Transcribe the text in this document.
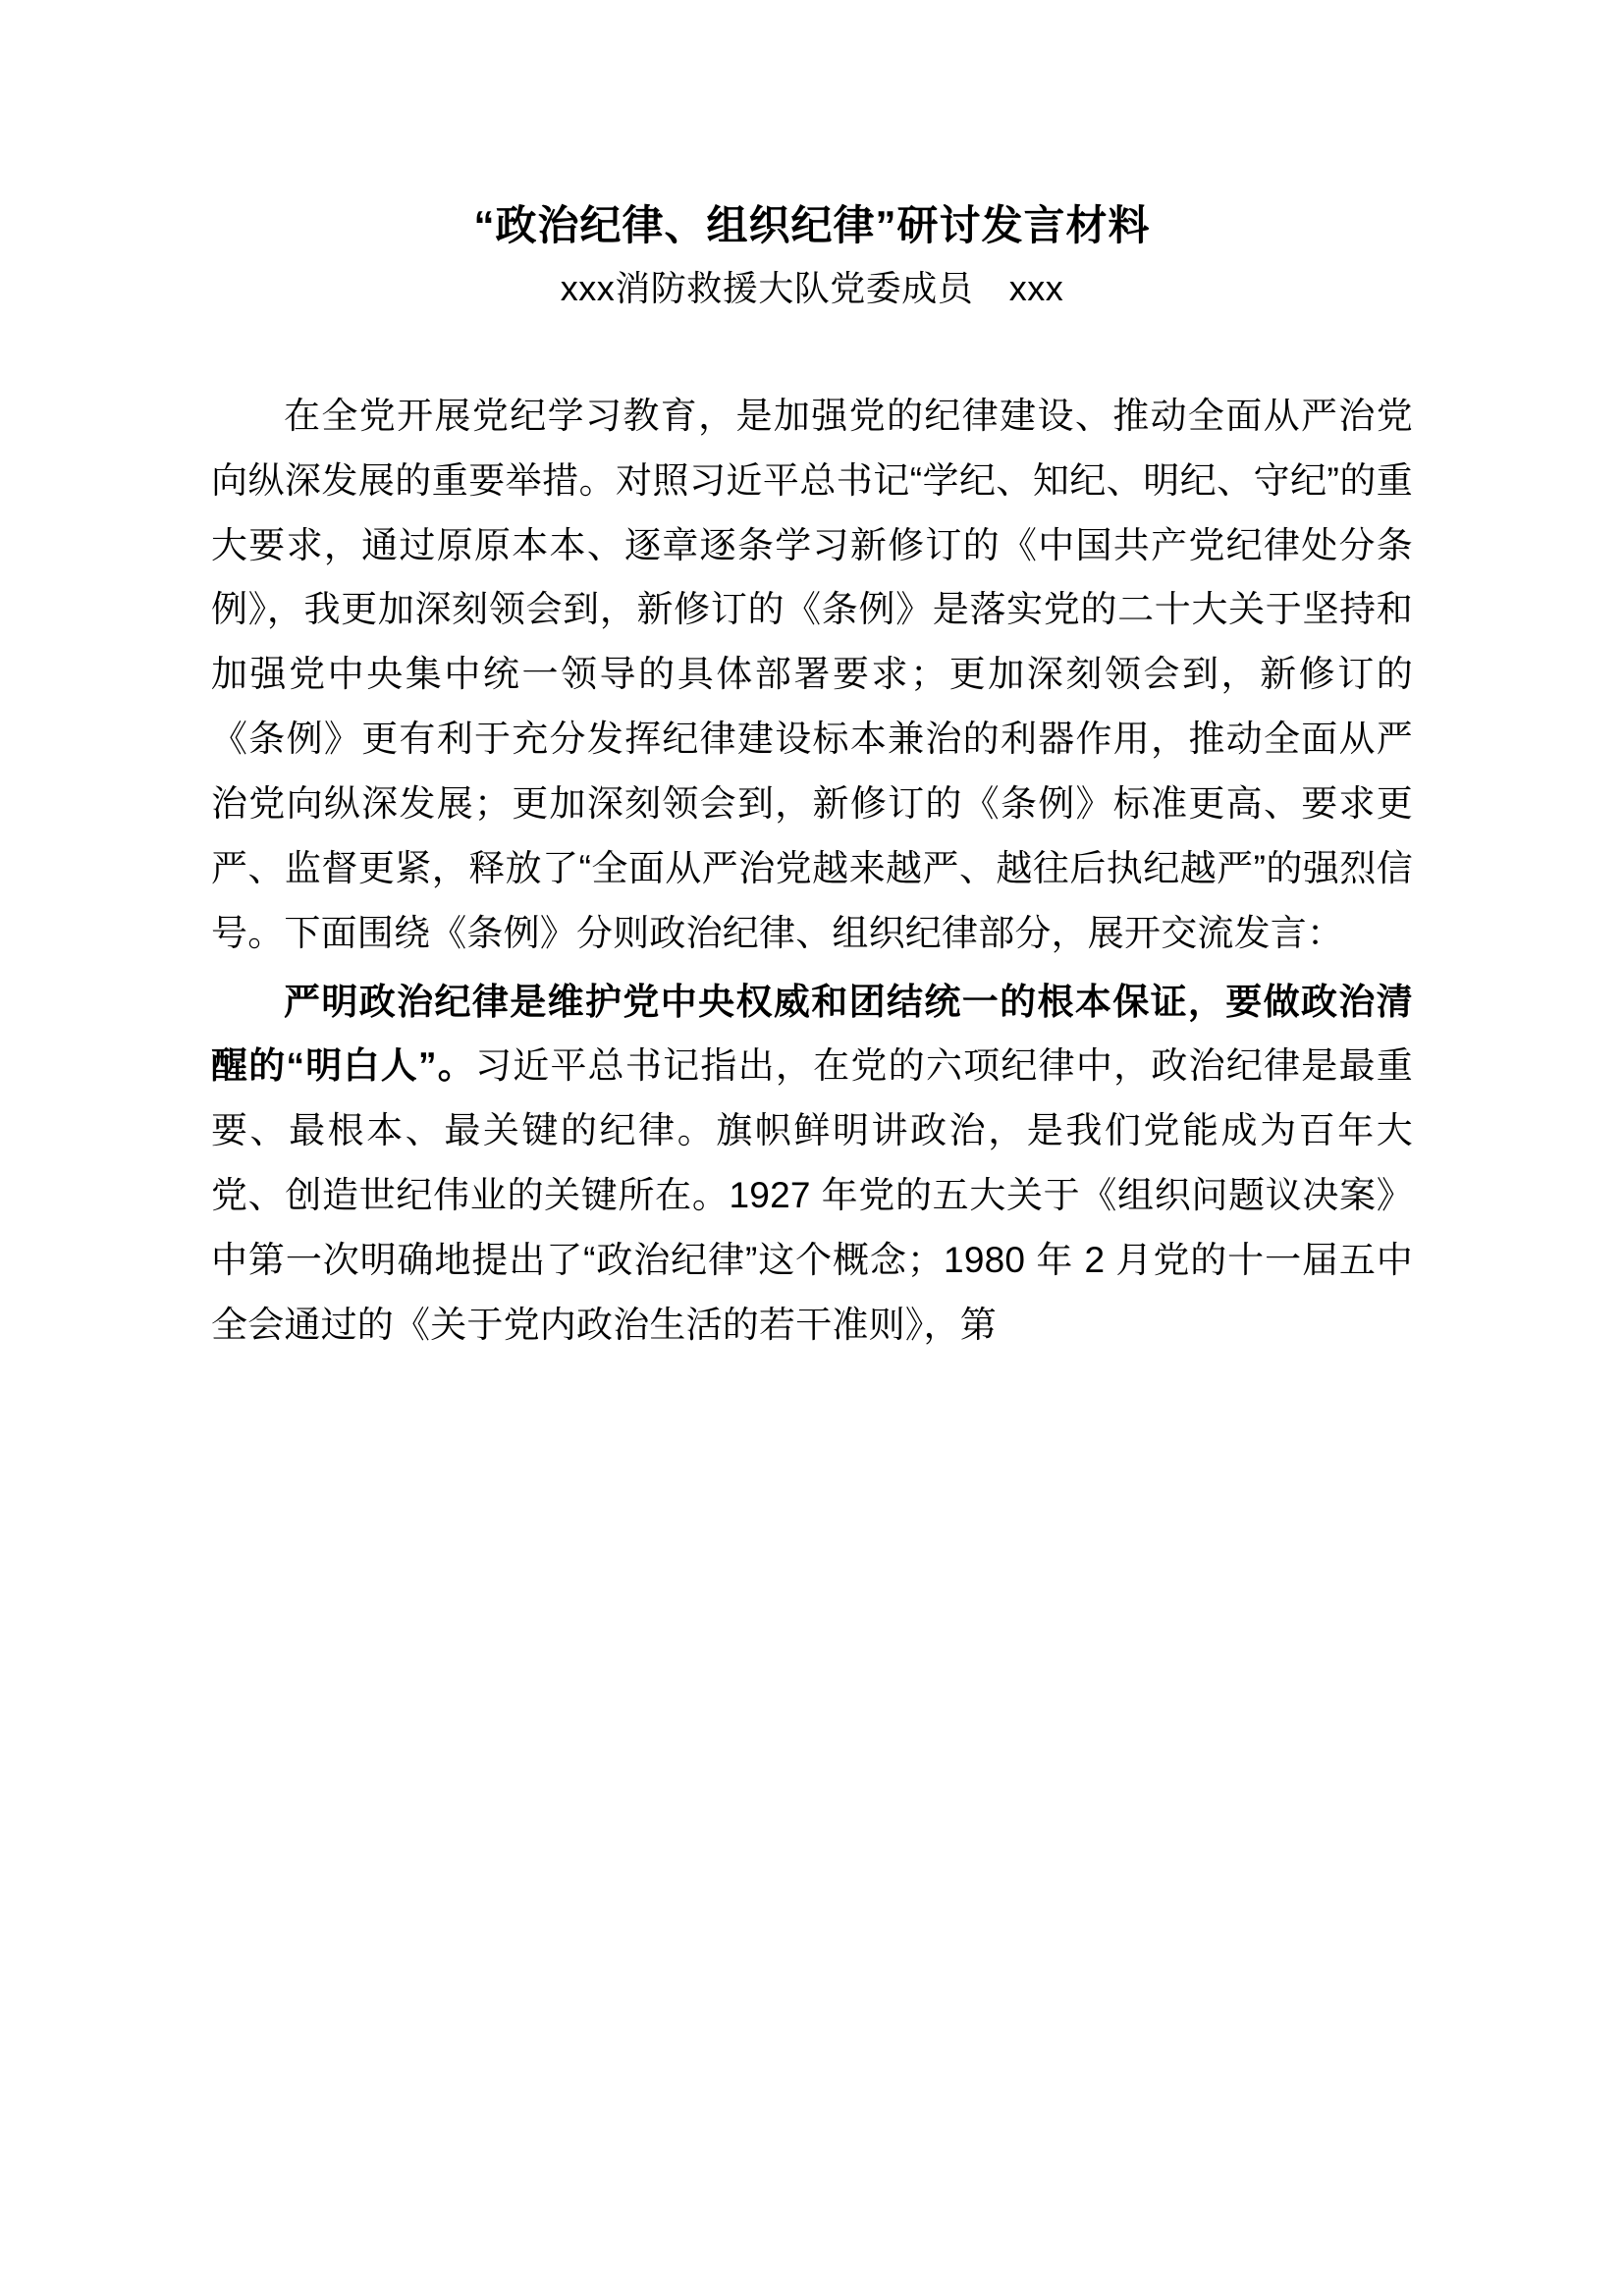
“政治纪律、组织纪律”研讨发言材料
xxx消防救援大队党委成员　xxx

在全党开展党纪学习教育，是加强党的纪律建设、推动全面从严治党向纵深发展的重要举措。对照习近平总书记“学纪、知纪、明纪、守纪”的重大要求，通过原原本本、逐章逐条学习新修订的《中国共产党纪律处分条例》，我更加深刻领会到，新修订的《条例》是落实党的二十大关于坚持和加强党中央集中统一领导的具体部署要求；更加深刻领会到，新修订的《条例》更有利于充分发挥纪律建设标本兼治的利器作用，推动全面从严治党向纵深发展；更加深刻领会到，新修订的《条例》标准更高、要求更严、监督更紧，释放了“全面从严治党越来越严、越往后执纪越严”的强烈信号。下面围绕《条例》分则政治纪律、组织纪律部分，展开交流发言：

严明政治纪律是维护党中央权威和团结统一的根本保证，要做政治清醒的“明白人”。习近平总书记指出，在党的六项纪律中，政治纪律是最重要、最根本、最关键的纪律。旗帜鲜明讲政治，是我们党能成为百年大党、创造世纪伟业的关键所在。1927 年党的五大关于《组织问题议决案》中第一次明确地提出了“政治纪律”这个概念；1980 年 2 月党的十一届五中全会通过的《关于党内政治生活的若干准则》，第
